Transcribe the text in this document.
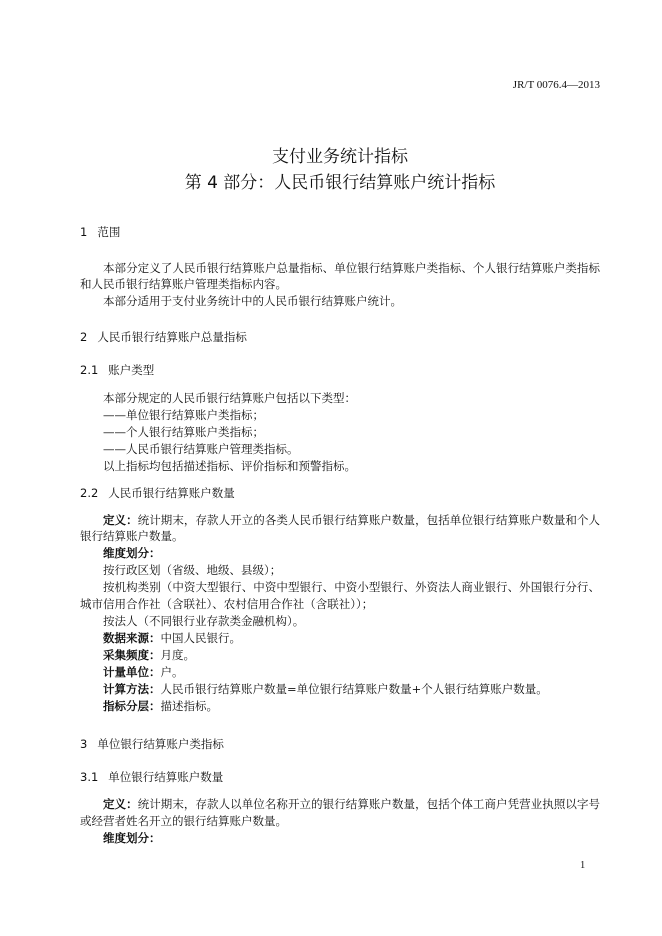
JR/T 0076.4—2013
支付业务统计指标
第 4 部分：人民币银行结算账户统计指标
1 范围
本部分定义了人民币银行结算账户总量指标、单位银行结算账户类指标、个人银行结算账户类指标
和人民币银行结算账户管理类指标内容。
本部分适用于支付业务统计中的人民币银行结算账户统计。
2 人民币银行结算账户总量指标
2.1 账户类型
本部分规定的人民币银行结算账户包括以下类型：
——单位银行结算账户类指标；
——个人银行结算账户类指标；
——人民币银行结算账户管理类指标。
以上指标均包括描述指标、评价指标和预警指标。
2.2 人民币银行结算账户数量
定义：统计期末，存款人开立的各类人民币银行结算账户数量，包括单位银行结算账户数量和个人
银行结算账户数量。
维度划分：
按行政区划（省级、地级、县级）；
按机构类别（中资大型银行、中资中型银行、中资小型银行、外资法人商业银行、外国银行分行、
城市信用合作社（含联社）、农村信用合作社（含联社））；
按法人（不同银行业存款类金融机构）。
数据来源：中国人民银行。
采集频度：月度。
计量单位：户。
计算方法：人民币银行结算账户数量=单位银行结算账户数量+个人银行结算账户数量。
指标分层：描述指标。
3 单位银行结算账户类指标
3.1 单位银行结算账户数量
定义：统计期末，存款人以单位名称开立的银行结算账户数量，包括个体工商户凭营业执照以字号
或经营者姓名开立的银行结算账户数量。
维度划分：
1
